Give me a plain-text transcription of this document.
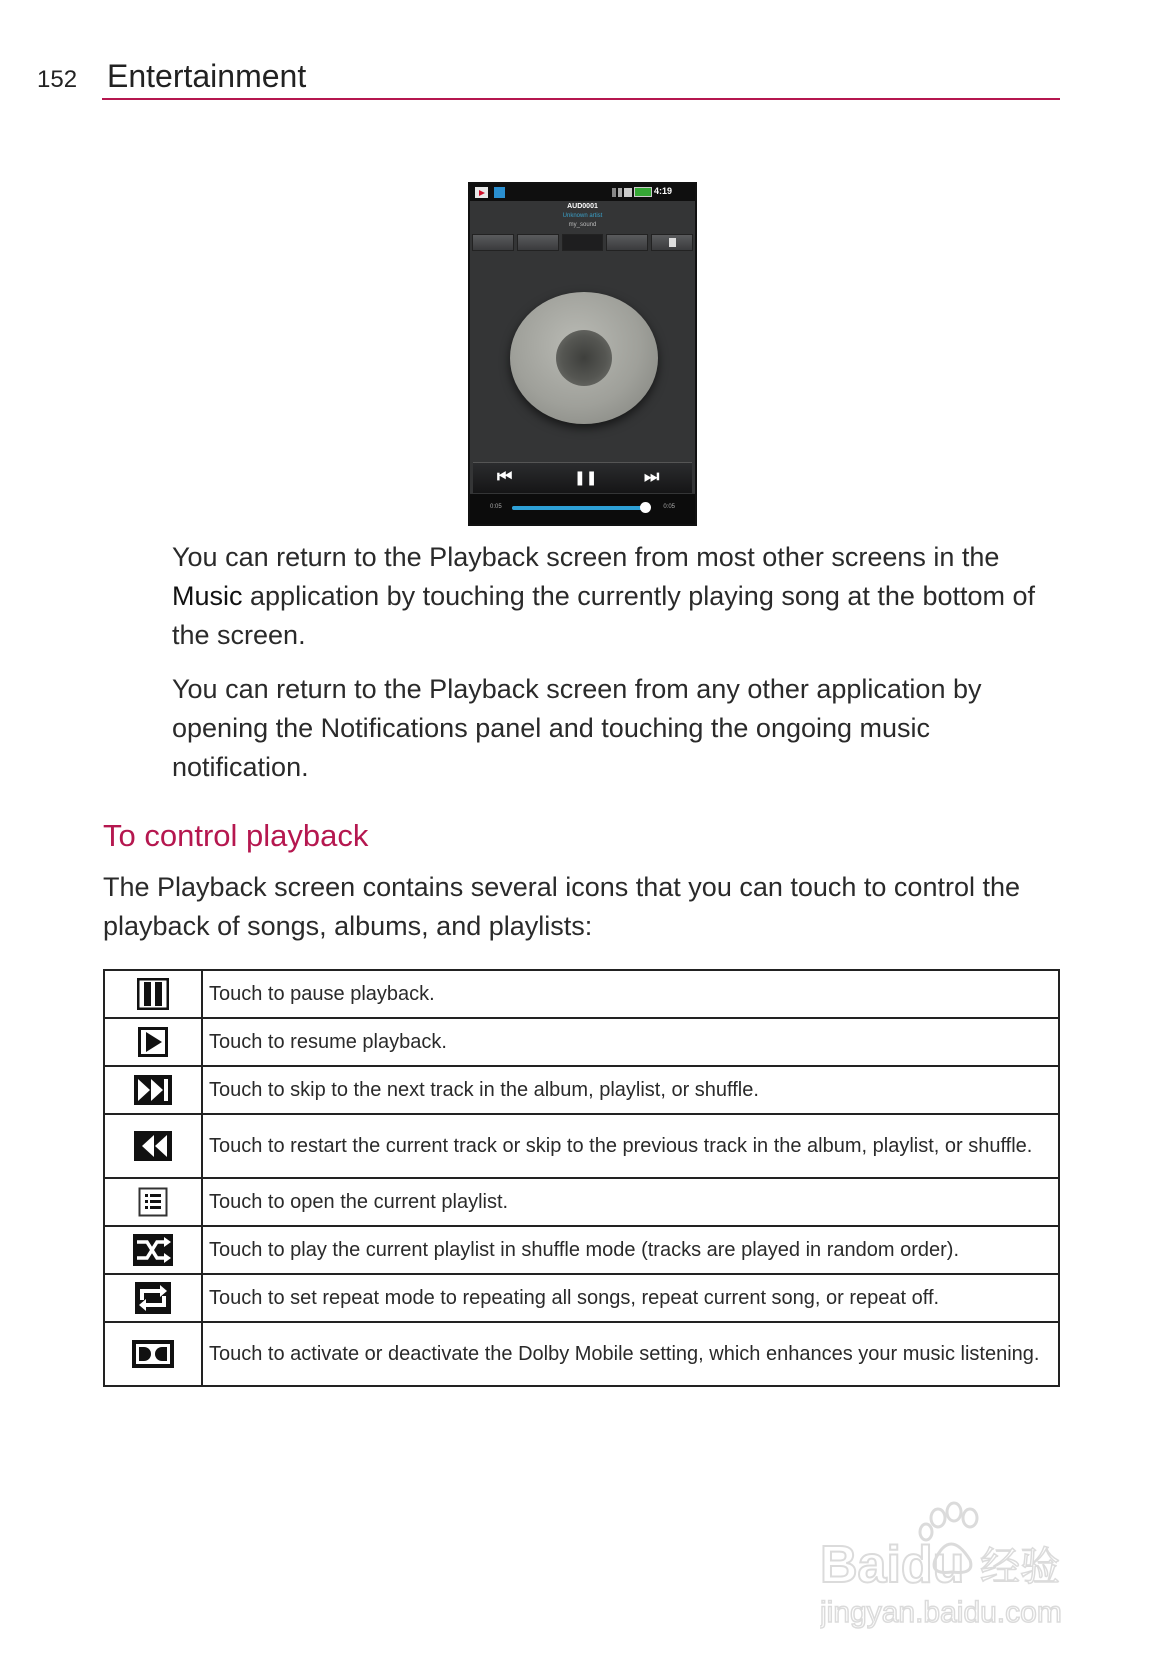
152 Entertainment
4:19
AUD0001
Unknown artist
my_sound
⏮	❚❚	⏭
0:05	0:05
You can return to the Playback screen from most other screens in the
Music application by touching the currently playing song at the bottom of the screen.
You can return to the Playback screen from any other application by opening the Notifications panel and touching the ongoing music notification.
To control playback
The Playback screen contains several icons that you can touch to control the playback of songs, albums, and playlists:
	Touch to pause playback.
	Touch to resume playback.
	Touch to skip to the next track in the album, playlist, or shuffle.
	Touch to restart the current track or skip to the previous track in the album, playlist, or shuffle.
	Touch to open the current playlist.
	Touch to play the current playlist in shuffle mode (tracks are played in random order).
	Touch to set repeat mode to repeating all songs, repeat current song, or repeat off.
	Touch to activate or deactivate the Dolby Mobile setting, which enhances your music listening.
Baidu 经验
jingyan.baidu.com
